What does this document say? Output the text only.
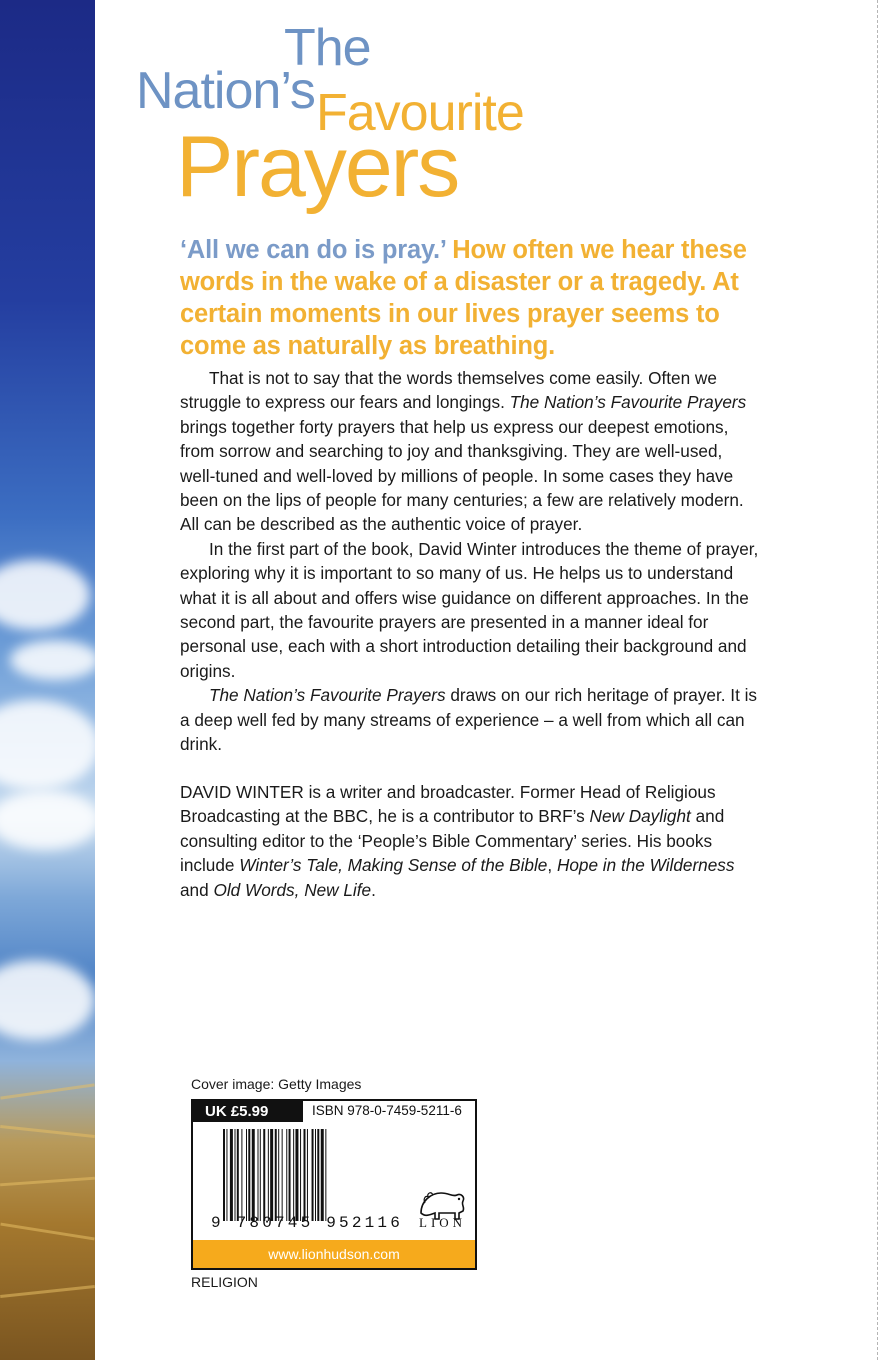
The
Nation’s Favourite
Prayers
‘All we can do is pray.’ How often we hear these words in the wake of a disaster or a tragedy. At certain moments in our lives prayer seems to come as naturally as breathing.

That is not to say that the words themselves come easily. Often we struggle to express our fears and longings. The Nation’s Favourite Prayers brings together forty prayers that help us express our deepest emotions, from sorrow and searching to joy and thanksgiving. They are well-used, well-tuned and well-loved by millions of people. In some cases they have been on the lips of people for many centuries; a few are relatively modern. All can be described as the authentic voice of prayer.

In the first part of the book, David Winter introduces the theme of prayer, exploring why it is important to so many of us. He helps us to understand what it is all about and offers wise guidance on different approaches. In the second part, the favourite prayers are presented in a manner ideal for personal use, each with a short introduction detailing their background and origins.

The Nation’s Favourite Prayers draws on our rich heritage of prayer. It is a deep well fed by many streams of experience – a well from which all can drink.

DAVID WINTER is a writer and broadcaster. Former Head of Religious Broadcasting at the BBC, he is a contributor to BRF’s New Daylight and consulting editor to the ‘People’s Bible Commentary’ series. His books include Winter’s Tale, Making Sense of the Bible, Hope in the Wilderness and Old Words, New Life.
Cover image: Getty Images
UK £5.99	ISBN 978-0-7459-5211-6
9 780745 952116 LION
www.lionhudson.com
RELIGION
